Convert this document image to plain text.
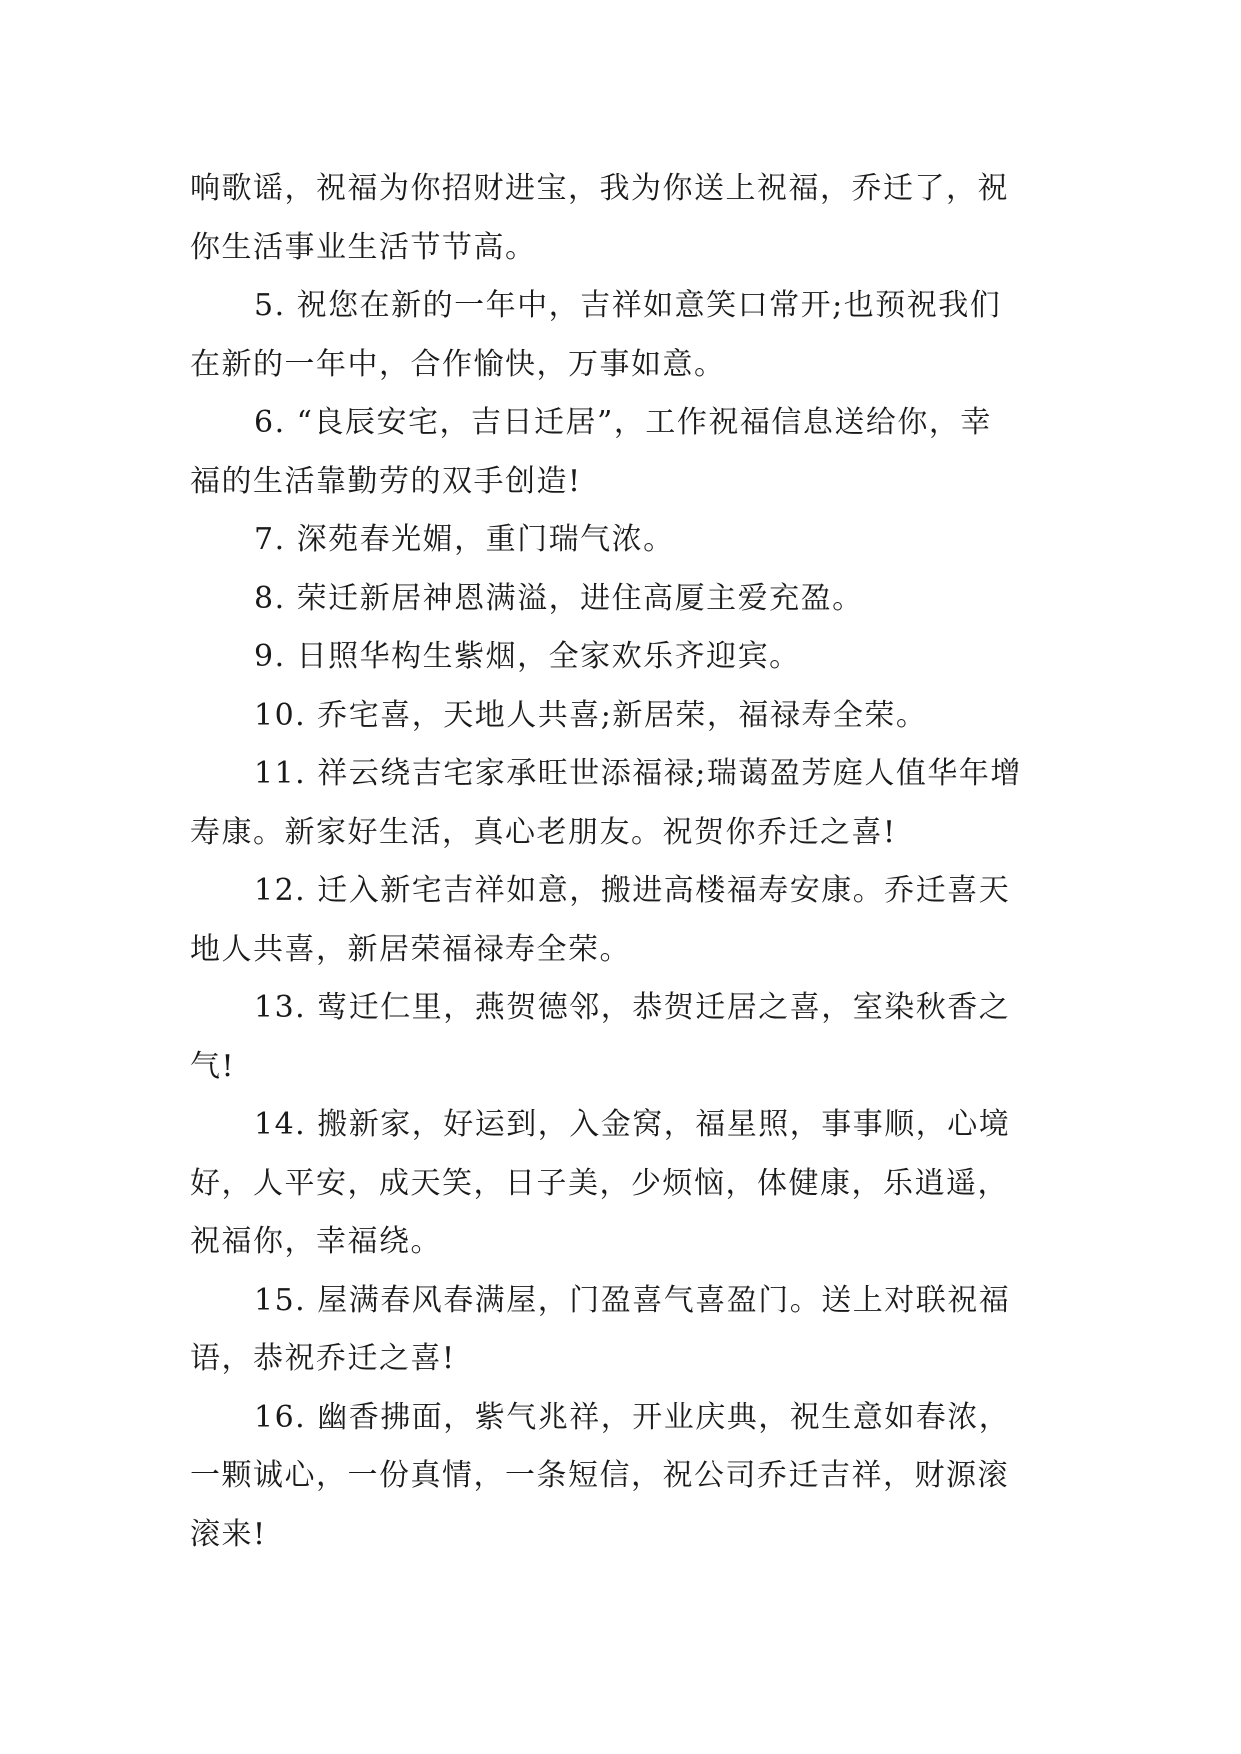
响歌谣，祝福为你招财进宝，我为你送上祝福，乔迁了，祝
你生活事业生活节节高。
5. 祝您在新的一年中，吉祥如意笑口常开;也预祝我们
在新的一年中，合作愉快，万事如意。
6. “良辰安宅，吉日迁居”，工作祝福信息送给你，幸
福的生活靠勤劳的双手创造!
7. 深苑春光媚，重门瑞气浓。
8. 荣迁新居神恩满溢，进住高厦主爱充盈。
9. 日照华构生紫烟，全家欢乐齐迎宾。
10. 乔宅喜，天地人共喜;新居荣，福禄寿全荣。
11. 祥云绕吉宅家承旺世添福禄;瑞蔼盈芳庭人值华年增
寿康。新家好生活，真心老朋友。祝贺你乔迁之喜!
12. 迁入新宅吉祥如意，搬进高楼福寿安康。乔迁喜天
地人共喜，新居荣福禄寿全荣。
13. 莺迁仁里，燕贺德邻，恭贺迁居之喜，室染秋香之
气!
14. 搬新家，好运到，入金窝，福星照，事事顺，心境
好，人平安，成天笑，日子美，少烦恼，体健康，乐逍遥，
祝福你，幸福绕。
15. 屋满春风春满屋，门盈喜气喜盈门。送上对联祝福
语，恭祝乔迁之喜!
16. 幽香拂面，紫气兆祥，开业庆典，祝生意如春浓，
一颗诚心，一份真情，一条短信，祝公司乔迁吉祥，财源滚
滚来!
